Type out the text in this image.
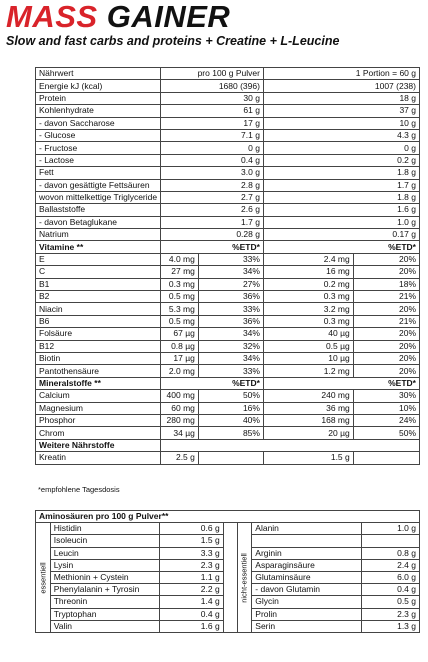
MASS GAINER
Slow and fast carbs and proteins + Creatine + L-Leucine
Nährwert	pro 100 g Pulver		1 Portion = 60 g	
Energie kJ (kcal)	1680 (396)		1007 (238)	
Protein	30 g		18 g	
Kohlenhydrate	61 g		37 g	
- davon Saccharose	17 g		10 g	
- Glucose	7.1 g		4.3 g	
- Fructose	0 g		0 g	
- Lactose	0.4 g		0.2 g	
Fett	3.0 g		1.8 g	
- davon gesättigte Fettsäuren	2.8 g		1.7 g	
wovon mittelkettige Triglyceride	2.7 g		1.8 g	
Ballaststoffe	2.6 g		1.6 g	
- davon Betaglukane	1.7 g		1.0 g	
Natrium	0.28 g		0.17 g	
Vitamine **	%ETD*		%ETD*	
E	4.0 mg	33%	2.4 mg	20%
C	27 mg	34%	16 mg	20%
B1	0.3 mg	27%	0.2 mg	18%
B2	0.5 mg	36%	0.3 mg	21%
Niacin	5.3 mg	33%	3.2 mg	20%
B6	0.5 mg	36%	0.3 mg	21%
Folsäure	67 µg	34%	40 µg	20%
B12	0.8 µg	32%	0.5 µg	20%
Biotin	17 µg	34%	10 µg	20%
Pantothensäure	2.0 mg	33%	1.2 mg	20%
Mineralstoffe **	%ETD*		%ETD*	
Calcium	400 mg	50%	240 mg	30%
Magnesium	60 mg	16%	36 mg	10%
Phosphor	280 mg	40%	168 mg	24%
Chrom	34 µg	85%	20 µg	50%
Weitere Nährstoffe				
Kreatin	2.5 g		1.5 g	
*empfohlene Tagesdosis
Aminosäuren pro 100 g Pulver**						

essentiell	Histidin	0.6 g		nicht-essentiell	Alanin	1.0 g
	Isoleucin	1.5 g				
	Leucin	3.3 g			Arginin	0.8 g
	Lysin	2.3 g			Asparaginsäure	2.4 g
	Methionin + Cystein	1.1 g			Glutaminsäure	6.0 g
	Phenylalanin + Tyrosin	2.2 g			- davon Glutamin	0.4 g
	Threonin	1.4 g			Glycin	0.5 g
	Tryptophan	0.4 g			Prolin	2.3 g
	Valin	1.6 g			Serin	1.3 g
